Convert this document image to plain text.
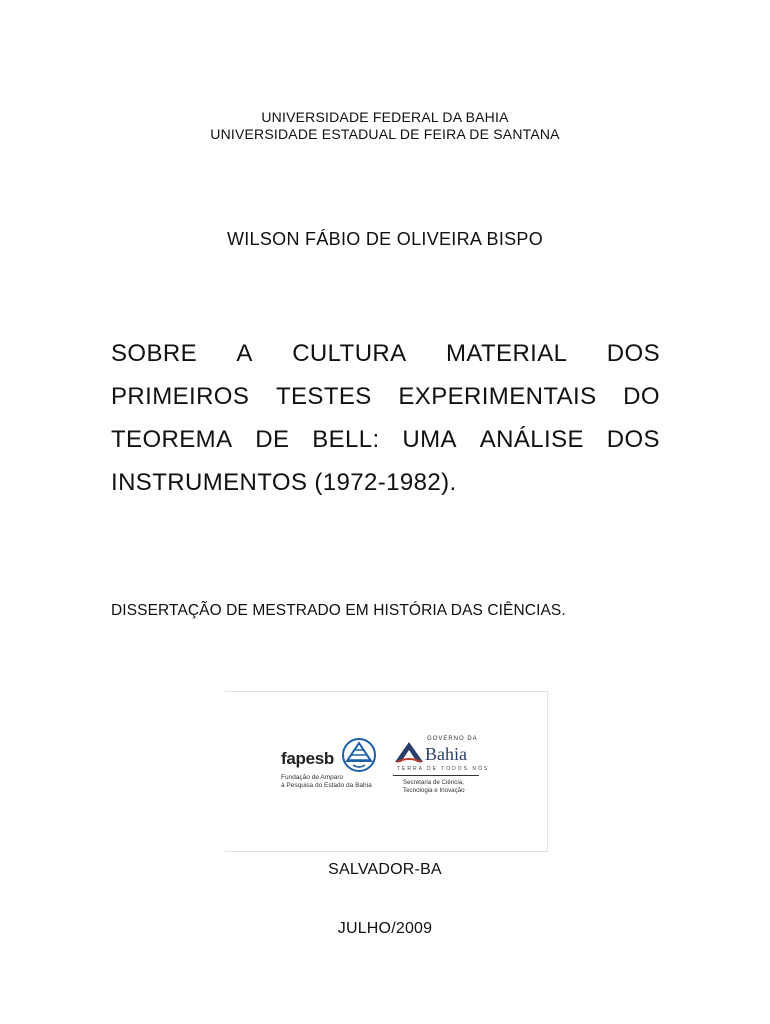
UNIVERSIDADE FEDERAL DA BAHIA
UNIVERSIDADE ESTADUAL DE FEIRA DE SANTANA
WILSON FÁBIO DE OLIVEIRA BISPO
SOBRE A CULTURA MATERIAL DOS
PRIMEIROS TESTES EXPERIMENTAIS DO
TEOREMA DE BELL: UMA ANÁLISE DOS
INSTRUMENTOS (1972-1982).
DISSERTAÇÃO DE MESTRADO EM HISTÓRIA DAS CIÊNCIAS.
fapesb
Fundação de Amparo
à Pesquisa do Estado da Bahia
GOVERNO DA
Bahia
TERRA DE TODOS NÓS
Secretaria de Ciência,
Tecnologia e Inovação
SALVADOR-BA
JULHO/2009
